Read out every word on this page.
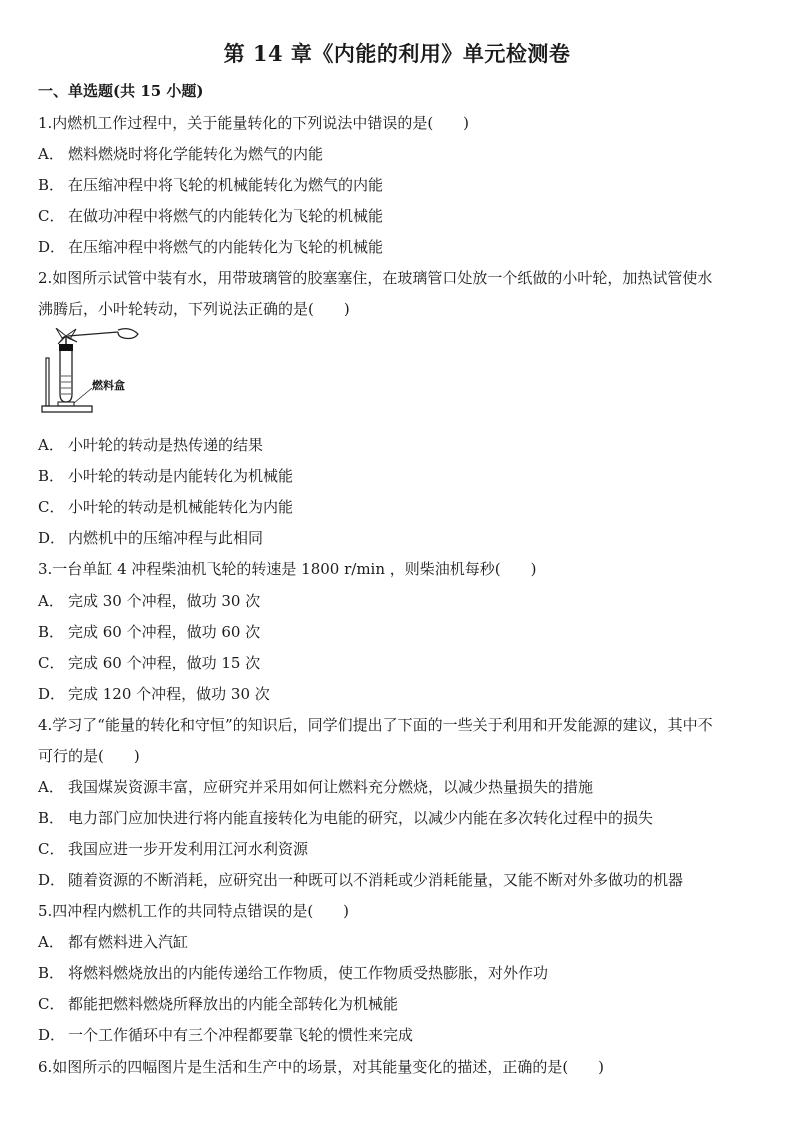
第 14 章《内能的利用》单元检测卷
一、单选题(共 15 小题)
1.内燃机工作过程中，关于能量转化的下列说法中错误的是(　　)
A． 燃料燃烧时将化学能转化为燃气的内能
B． 在压缩冲程中将飞轮的机械能转化为燃气的内能
C． 在做功冲程中将燃气的内能转化为飞轮的机械能
D． 在压缩冲程中将燃气的内能转化为飞轮的机械能
2.如图所示试管中装有水，用带玻璃管的胶塞塞住，在玻璃管口处放一个纸做的小叶轮，加热试管使水
沸腾后，小叶轮转动，下列说法正确的是(　　)
燃料盒
A． 小叶轮的转动是热传递的结果
B． 小叶轮的转动是内能转化为机械能
C． 小叶轮的转动是机械能转化为内能
D． 内燃机中的压缩冲程与此相同
3.一台单缸 4 冲程柴油机飞轮的转速是 1800 r/min ，则柴油机每秒(　　)
A． 完成 30 个冲程，做功 30 次
B． 完成 60 个冲程，做功 60 次
C． 完成 60 个冲程，做功 15 次
D． 完成 120 个冲程，做功 30 次
4.学习了“能量的转化和守恒”的知识后，同学们提出了下面的一些关于利用和开发能源的建议，其中不
可行的是(　　)
A． 我国煤炭资源丰富，应研究并采用如何让燃料充分燃烧，以减少热量损失的措施
B． 电力部门应加快进行将内能直接转化为电能的研究，以减少内能在多次转化过程中的损失
C． 我国应进一步开发利用江河水利资源
D． 随着资源的不断消耗，应研究出一种既可以不消耗或少消耗能量，又能不断对外多做功的机器
5.四冲程内燃机工作的共同特点错误的是(　　)
A． 都有燃料进入汽缸
B． 将燃料燃烧放出的内能传递给工作物质，使工作物质受热膨胀，对外作功
C． 都能把燃料燃烧所释放出的内能全部转化为机械能
D． 一个工作循环中有三个冲程都要靠飞轮的惯性来完成
6.如图所示的四幅图片是生活和生产中的场景，对其能量变化的描述，正确的是(　　)
